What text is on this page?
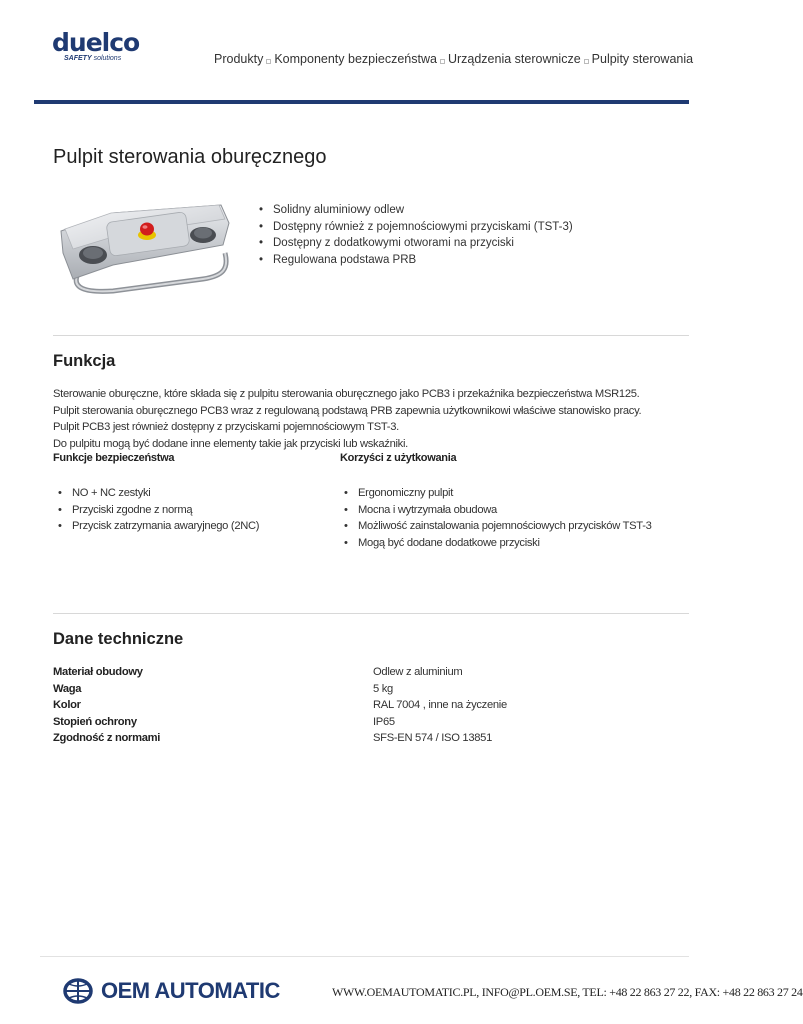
duelco
SAFETY solutions	Produkty Komponenty bezpieczeństwa Urządzenia sterownicze Pulpity sterowania
Pulpit sterowania oburęcznego
• Solidny aluminiowy odlew
• Dostępny również z pojemnościowymi przyciskami (TST-3)
• Dostępny z dodatkowymi otworami na przyciski
• Regulowana podstawa PRB
Funkcja
Sterowanie oburęczne, które składa się z pulpitu sterowania oburęcznego jako PCB3 i przekaźnika bezpieczeństwa MSR125.
Pulpit sterowania oburęcznego PCB3 wraz z regulowaną podstawą PRB zapewnia użytkownikowi właściwe stanowisko pracy.
Pulpit PCB3 jest również dostępny z przyciskami pojemnościowym TST-3.
Do pulpitu mogą być dodane inne elementy takie jak przyciski lub wskaźniki.
Funkcje bezpieczeństwa	Korzyści z użytkowania
• NO + NC zestyki
• Przyciski zgodne z normą
• Przycisk zatrzymania awaryjnego (2NC)
• Ergonomiczny pulpit
• Mocna i wytrzymała obudowa
• Możliwość zainstalowania pojemnościowych przycisków TST-3
• Mogą być dodane dodatkowe przyciski
Dane techniczne
Materiał obudowy	Odlew z aluminium
Waga	5 kg
Kolor	RAL 7004 , inne na życzenie
Stopień ochrony	IP65
Zgodność z normami	SFS-EN 574 / ISO 13851
OEM AUTOMATIC	WWW.OEMAUTOMATIC.PL, INFO@PL.OEM.SE, TEL: +48 22 863 27 22, FAX: +48 22 863 27 24
